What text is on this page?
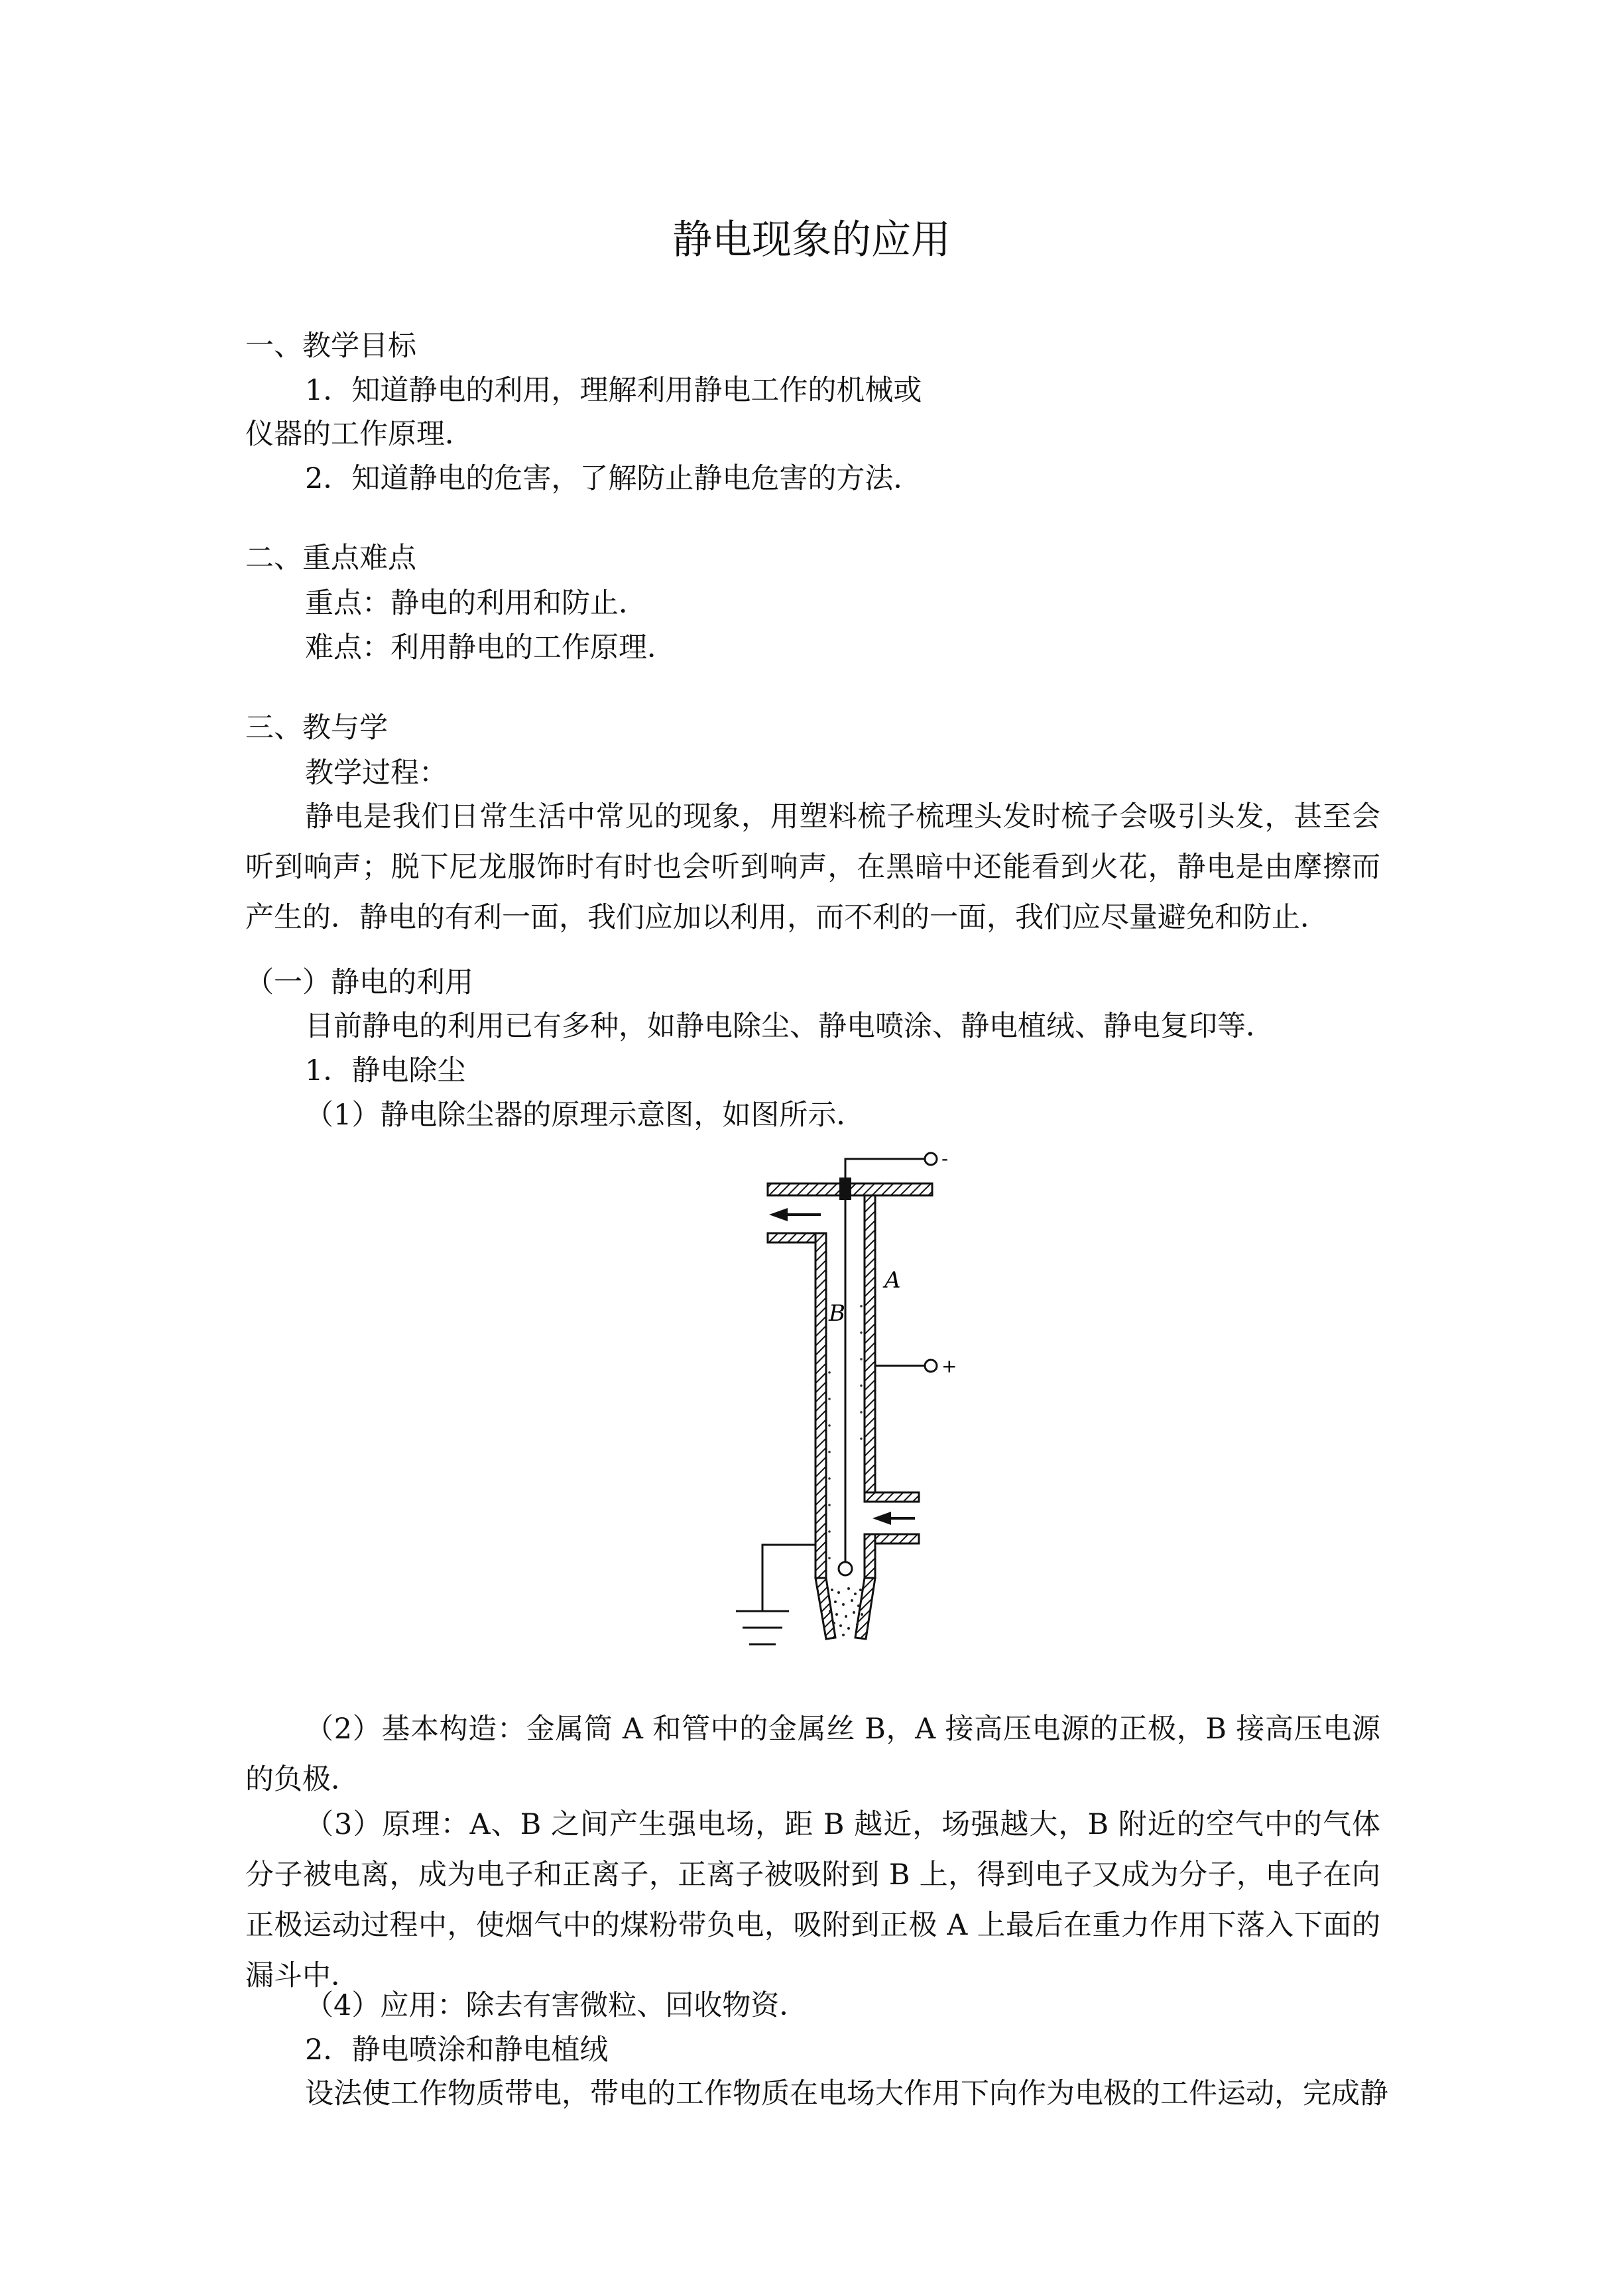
静电现象的应用
一、教学目标
1．知道静电的利用，理解利用静电工作的机械或
仪器的工作原理．
2．知道静电的危害，了解防止静电危害的方法．
二、重点难点
重点：静电的利用和防止．
难点：利用静电的工作原理．
三、教与学
教学过程：
静电是我们日常生活中常见的现象，用塑料梳子梳理头发时梳子会吸引头发，甚至会听到响声；脱下尼龙服饰时有时也会听到响声，在黑暗中还能看到火花，静电是由摩擦而产生的．静电的有利一面，我们应加以利用，而不利的一面，我们应尽量避免和防止．
（一）静电的利用
目前静电的利用已有多种，如静电除尘、静电喷涂、静电植绒、静电复印等．
1．静电除尘
（1）静电除尘器的原理示意图，如图所示．
-
+
A
B
（2）基本构造：金属筒 A 和管中的金属丝 B，A 接高压电源的正极，B 接高压电源的负极．
（3）原理：A、B 之间产生强电场，距 B 越近，场强越大，B 附近的空气中的气体分子被电离，成为电子和正离子，正离子被吸附到 B 上，得到电子又成为分子，电子在向正极运动过程中，使烟气中的煤粉带负电，吸附到正极 A 上最后在重力作用下落入下面的漏斗中．
（4）应用：除去有害微粒、回收物资．
2．静电喷涂和静电植绒
设法使工作物质带电，带电的工作物质在电场大作用下向作为电极的工件运动，完成静
